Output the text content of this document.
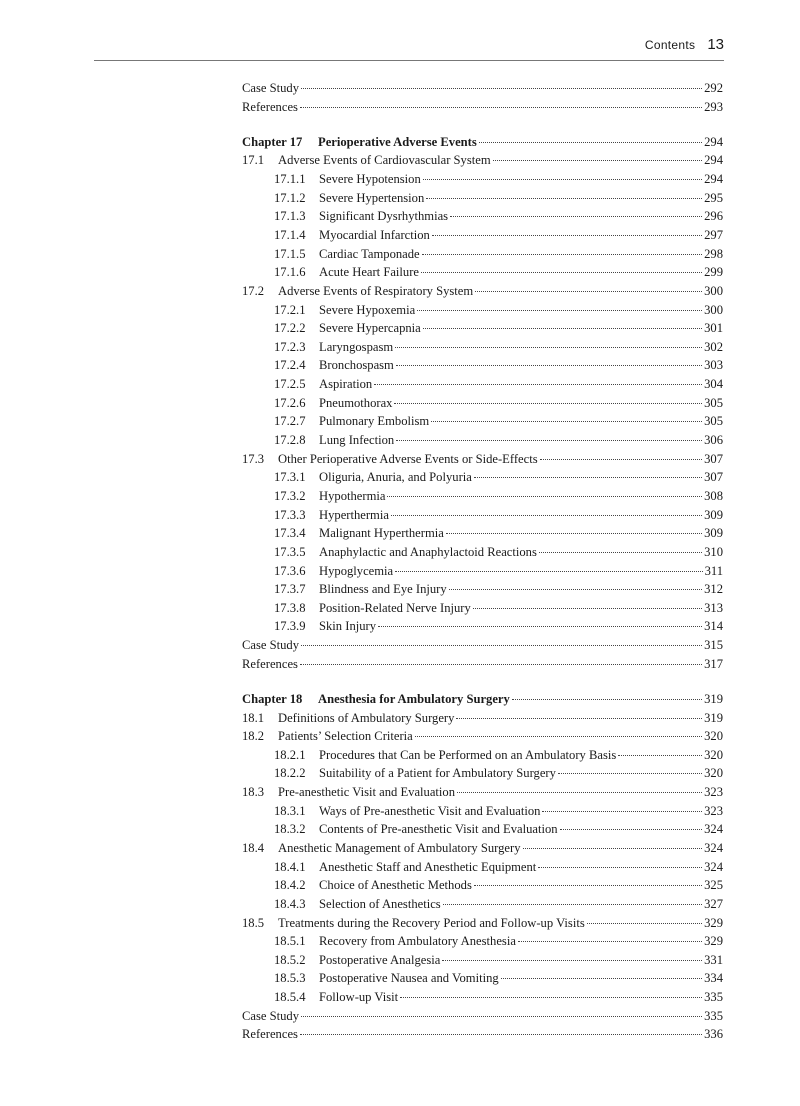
Contents 13
Case Study	292
References	293
Chapter 17	Perioperative Adverse Events	294
17.1	Adverse Events of Cardiovascular System	294
17.1.1	Severe Hypotension	294
17.1.2	Severe Hypertension	295
17.1.3	Significant Dysrhythmias	296
17.1.4	Myocardial Infarction	297
17.1.5	Cardiac Tamponade	298
17.1.6	Acute Heart Failure	299
17.2	Adverse Events of Respiratory System	300
17.2.1	Severe Hypoxemia	300
17.2.2	Severe Hypercapnia	301
17.2.3	Laryngospasm	302
17.2.4	Bronchospasm	303
17.2.5	Aspiration	304
17.2.6	Pneumothorax	305
17.2.7	Pulmonary Embolism	305
17.2.8	Lung Infection	306
17.3	Other Perioperative Adverse Events or Side-Effects	307
17.3.1	Oliguria, Anuria, and Polyuria	307
17.3.2	Hypothermia	308
17.3.3	Hyperthermia	309
17.3.4	Malignant Hyperthermia	309
17.3.5	Anaphylactic and Anaphylactoid Reactions	310
17.3.6	Hypoglycemia	311
17.3.7	Blindness and Eye Injury	312
17.3.8	Position-Related Nerve Injury	313
17.3.9	Skin Injury	314
Case Study	315
References	317
Chapter 18	Anesthesia for Ambulatory Surgery	319
18.1	Definitions of Ambulatory Surgery	319
18.2	Patients’ Selection Criteria	320
18.2.1	Procedures that Can be Performed on an Ambulatory Basis	320
18.2.2	Suitability of a Patient for Ambulatory Surgery	320
18.3	Pre-anesthetic Visit and Evaluation	323
18.3.1	Ways of Pre-anesthetic Visit and Evaluation	323
18.3.2	Contents of Pre-anesthetic Visit and Evaluation	324
18.4	Anesthetic Management of Ambulatory Surgery	324
18.4.1	Anesthetic Staff and Anesthetic Equipment	324
18.4.2	Choice of Anesthetic Methods	325
18.4.3	Selection of Anesthetics	327
18.5	Treatments during the Recovery Period and Follow-up Visits	329
18.5.1	Recovery from Ambulatory Anesthesia	329
18.5.2	Postoperative Analgesia	331
18.5.3	Postoperative Nausea and Vomiting	334
18.5.4	Follow-up Visit	335
Case Study	335
References	336
